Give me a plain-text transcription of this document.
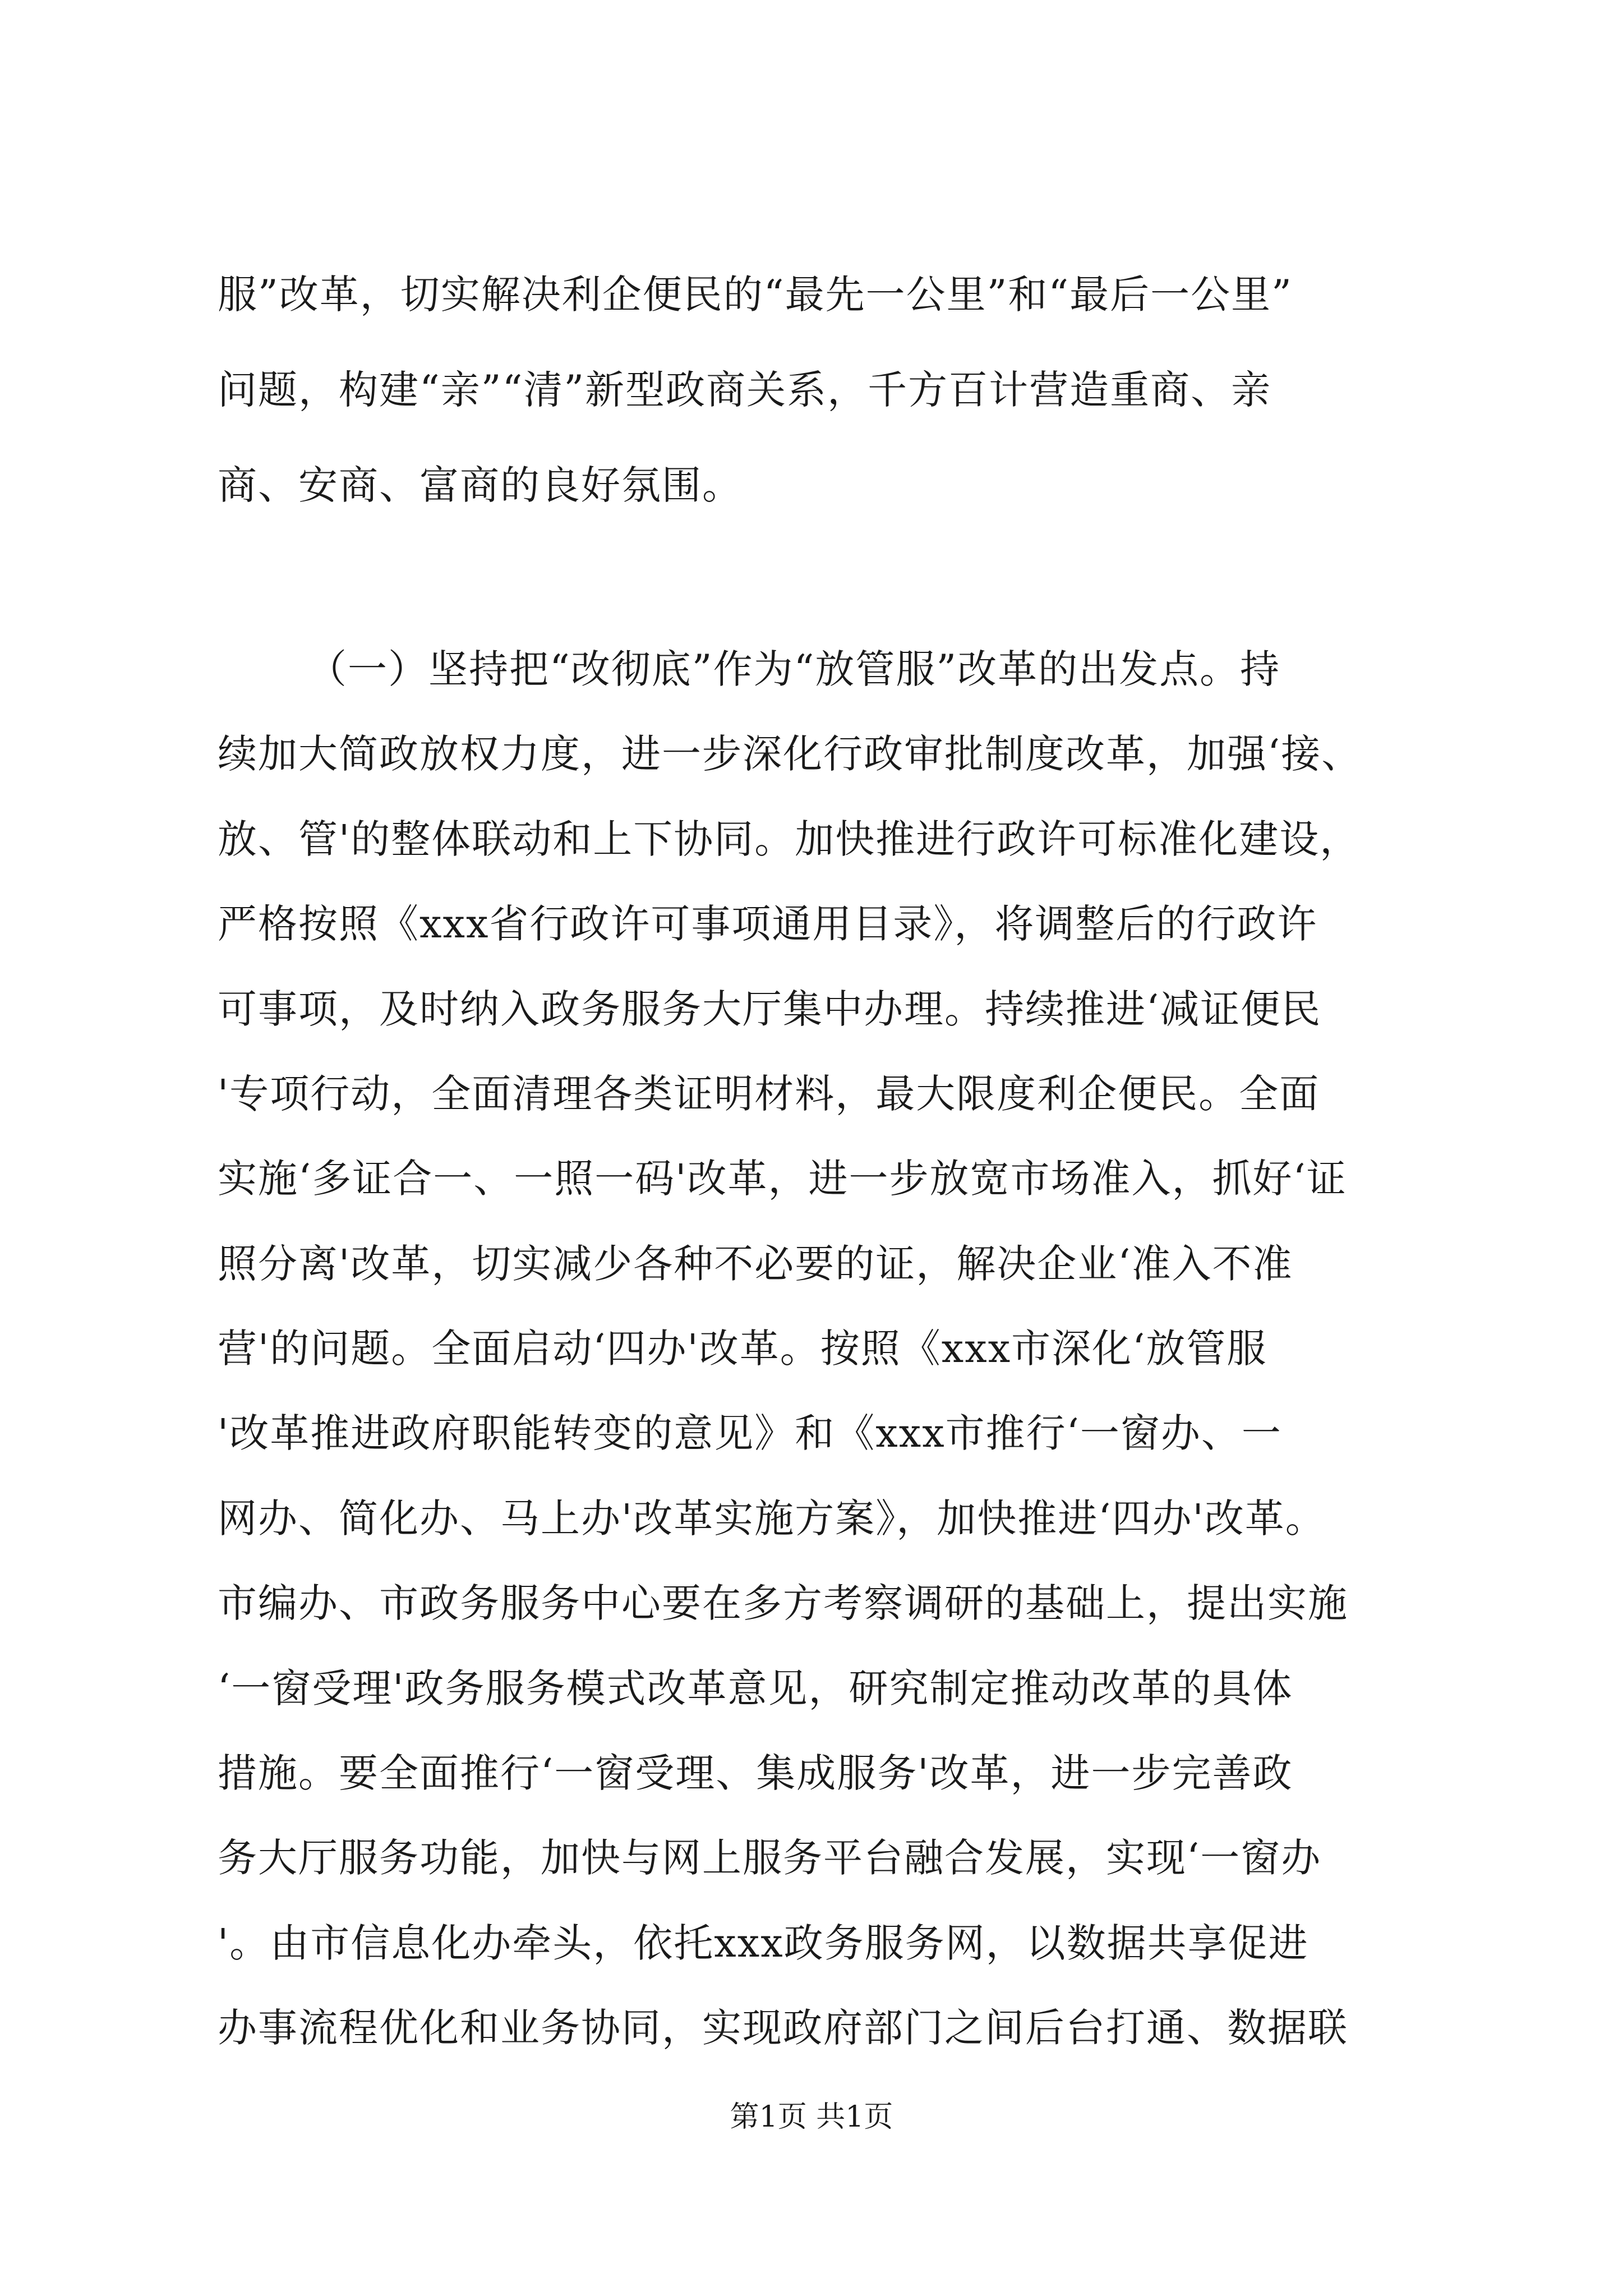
服”改革，切实解决利企便民的“最先一公里”和“最后一公里”
问题，构建“亲”“清”新型政商关系，千方百计营造重商、亲
商、安商、富商的良好氛围。
（一）坚持把“改彻底”作为“放管服”改革的出发点。持
续加大简政放权力度，进一步深化行政审批制度改革，加强‘接、
放、管'的整体联动和上下协同。加快推进行政许可标准化建设，
严格按照《xxx省行政许可事项通用目录》，将调整后的行政许
可事项，及时纳入政务服务大厅集中办理。持续推进‘减证便民
'专项行动，全面清理各类证明材料，最大限度利企便民。全面
实施‘多证合一、一照一码'改革，进一步放宽市场准入，抓好‘证
照分离'改革，切实减少各种不必要的证，解决企业‘准入不准
营'的问题。全面启动‘四办'改革。按照《xxx市深化‘放管服
'改革推进政府职能转变的意见》和《xxx市推行‘一窗办、一
网办、简化办、马上办'改革实施方案》，加快推进‘四办'改革。
市编办、市政务服务中心要在多方考察调研的基础上，提出实施
‘一窗受理'政务服务模式改革意见，研究制定推动改革的具体
措施。要全面推行‘一窗受理、集成服务'改革，进一步完善政
务大厅服务功能，加快与网上服务平台融合发展，实现‘一窗办
'。由市信息化办牵头，依托xxx政务服务网，以数据共享促进
办事流程优化和业务协同，实现政府部门之间后台打通、数据联
第1页 共1页
